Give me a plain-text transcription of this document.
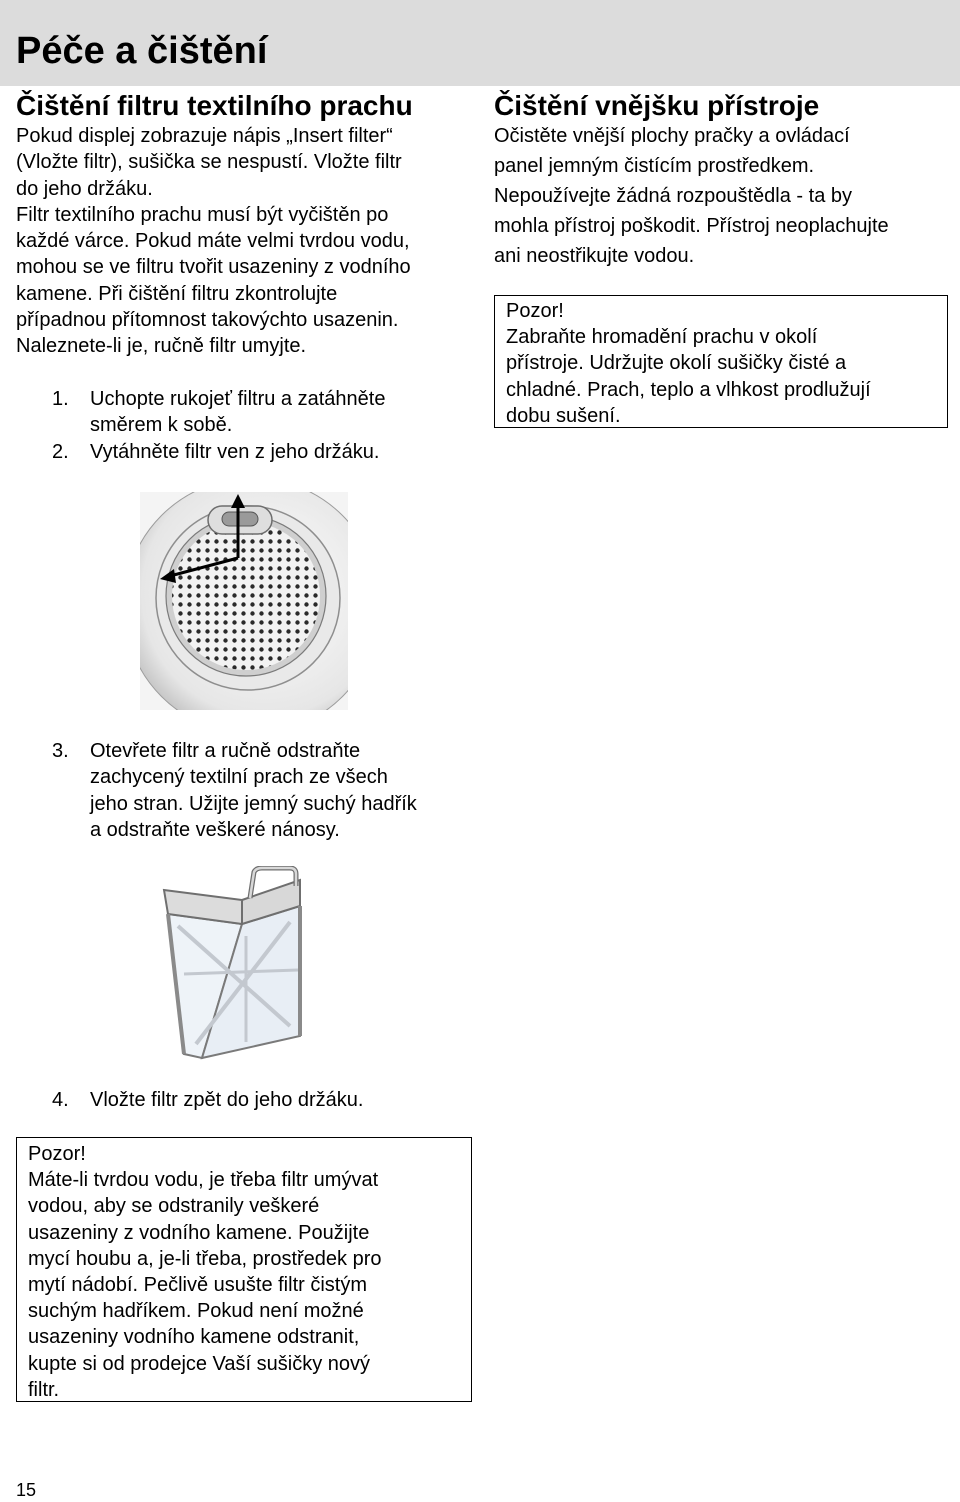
Péče a čištění
Čištění filtru textilního prachu

Pokud displej zobrazuje nápis „Insert filter“

(Vložte filtr), sušička se nespustí. Vložte filtr

do jeho držáku.

Filtr textilního prachu musí být vyčištěn po

každé várce. Pokud máte velmi tvrdou vodu,

mohou se ve filtru tvořit usazeniny z vodního

kamene. Při čištění filtru zkontrolujte

případnou přítomnost takovýchto usazenin.

Naleznete-li je, ručně filtr umyjte.

1. Uchopte rukojeť filtru a zatáhněte
směrem k sobě.
2. Vytáhněte filtr ven z jeho držáku.
3. Otevřete filtr a ručně odstraňte
zachycený textilní prach ze všech
jeho stran. Užijte jemný suchý hadřík
a odstraňte veškeré nánosy.
4. Vložte filtr zpět do jeho držáku.
Pozor!
Máte-li tvrdou vodu, je třeba filtr umývat
vodou, aby se odstranily veškeré
usazeniny z vodního kamene. Použijte
mycí houbu a, je-li třeba, prostředek pro
mytí nádobí. Pečlivě usušte filtr čistým
suchým hadříkem. Pokud není možné
usazeniny vodního kamene odstranit,
kupte si od prodejce Vaší sušičky nový
filtr.
Čištění vnějšku přístroje

Očistěte vnější plochy pračky a ovládací

panel jemným čistícím prostředkem.

Nepoužívejte žádná rozpouštědla - ta by

mohla přístroj poškodit. Přístroj neoplachujte

ani neostřikujte vodou.

Pozor!
Zabraňte hromadění prachu v okolí
přístroje. Udržujte okolí sušičky čisté a
chladné. Prach, teplo a vlhkost prodlužují
dobu sušení.
15
